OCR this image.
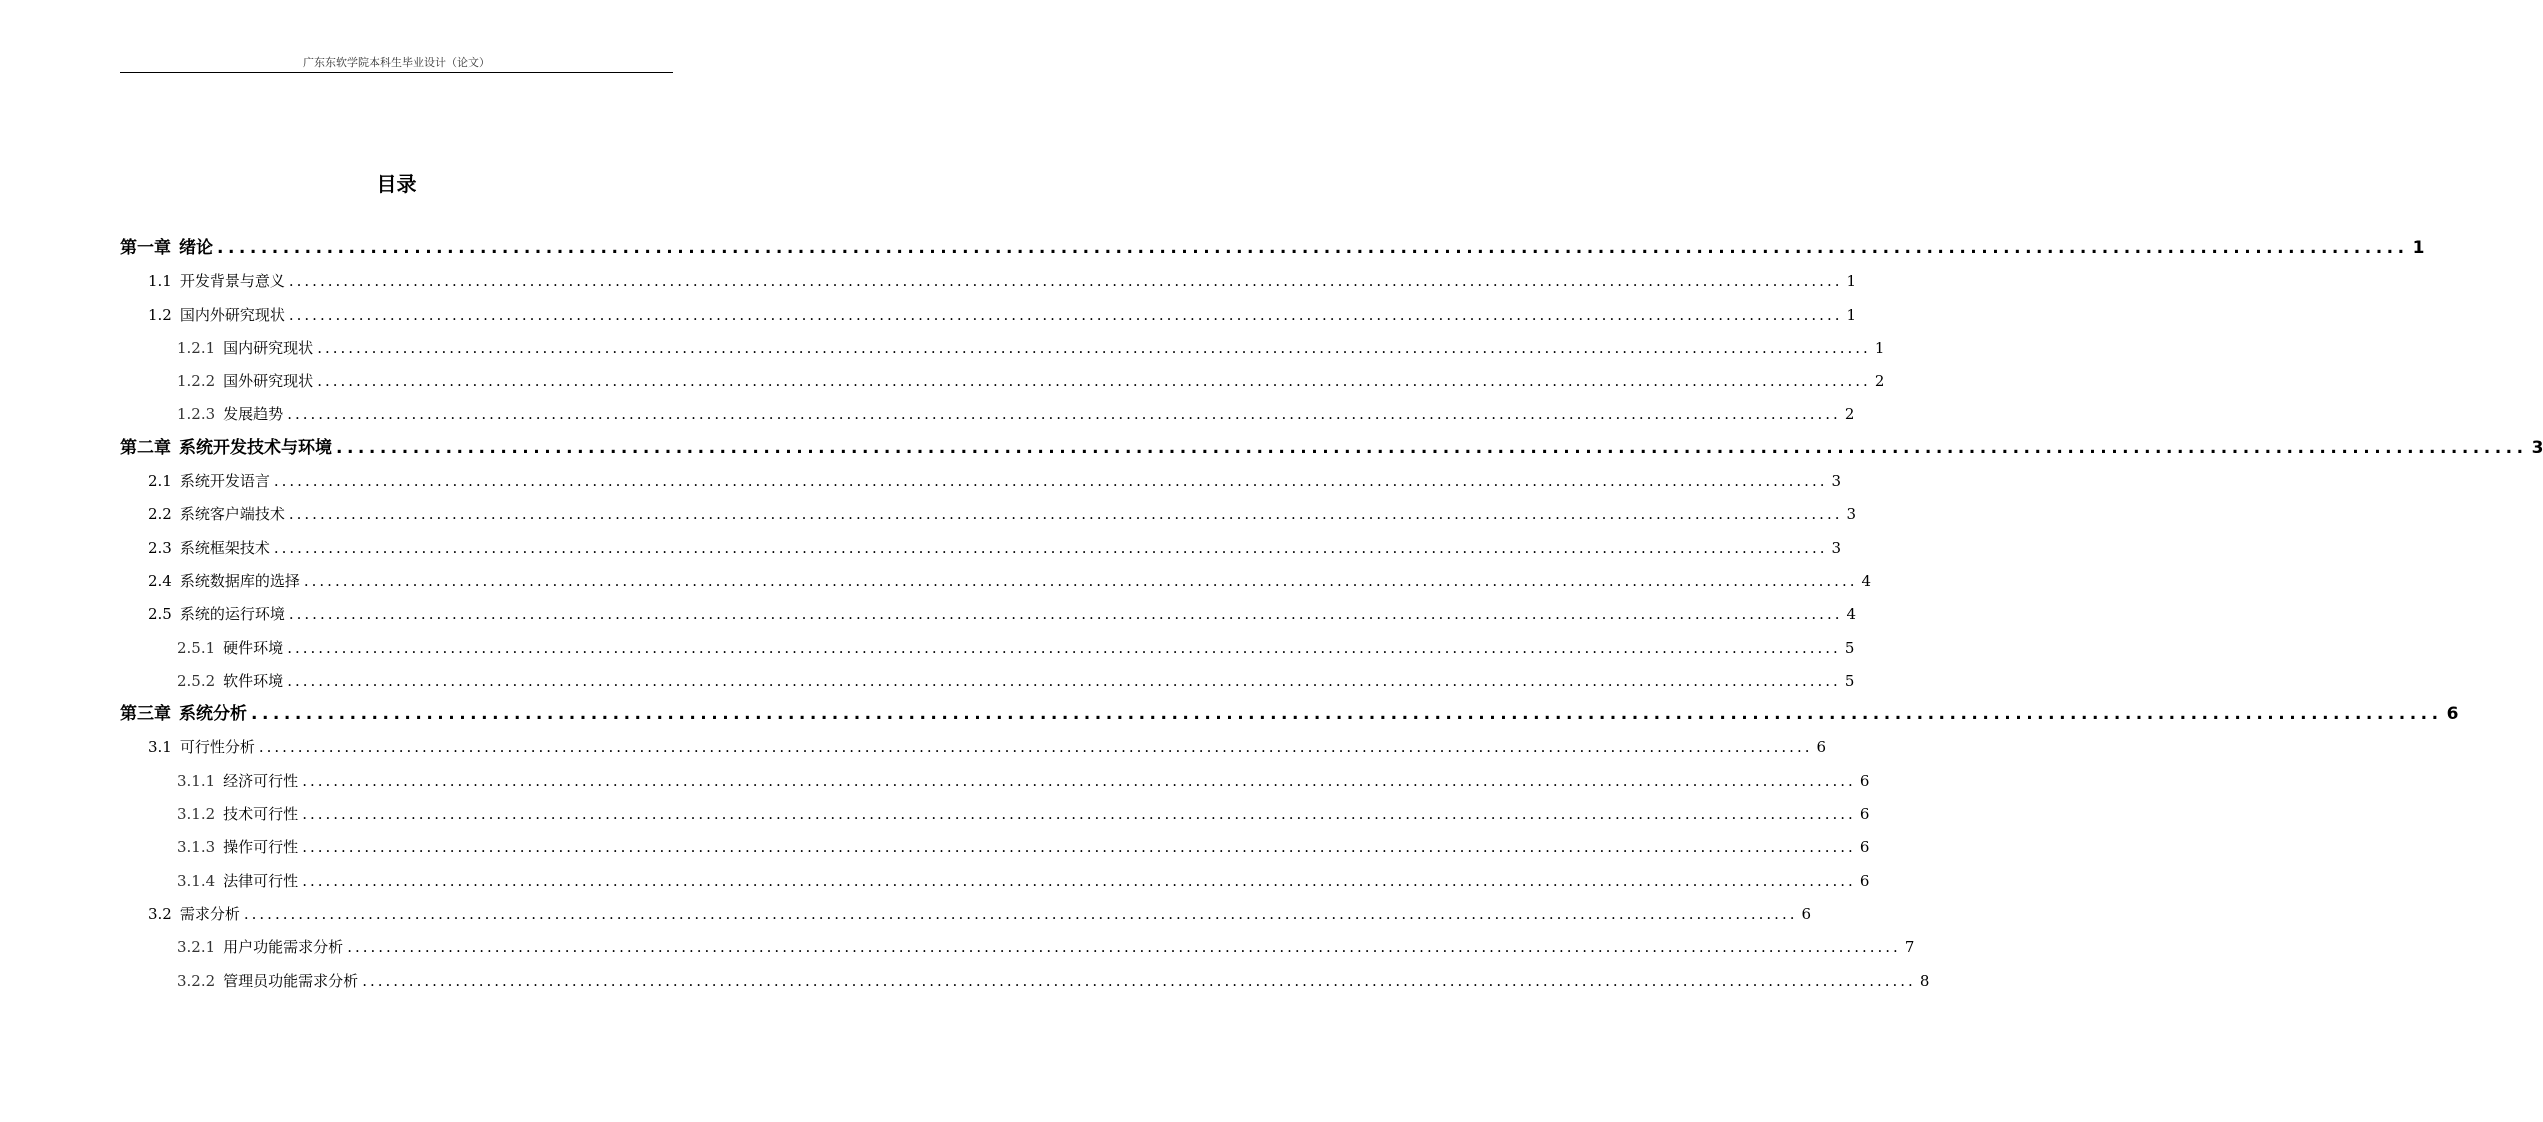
广东东软学院本科生毕业设计（论文）
目录
第一章 绪论 ........................................................................................................................................................................................................ 1
1.1 开发背景与意义 ........................................................................................................................................................................................................ 1
1.2 国内外研究现状 ........................................................................................................................................................................................................ 1
1.2.1 国内研究现状 ........................................................................................................................................................................................................ 1
1.2.2 国外研究现状 ........................................................................................................................................................................................................ 2
1.2.3 发展趋势 ........................................................................................................................................................................................................ 2
第二章 系统开发技术与环境 ........................................................................................................................................................................................................ 3
2.1 系统开发语言 ........................................................................................................................................................................................................ 3
2.2 系统客户端技术 ........................................................................................................................................................................................................ 3
2.3 系统框架技术 ........................................................................................................................................................................................................ 3
2.4 系统数据库的选择 ........................................................................................................................................................................................................ 4
2.5 系统的运行环境 ........................................................................................................................................................................................................ 4
2.5.1 硬件环境 ........................................................................................................................................................................................................ 5
2.5.2 软件环境 ........................................................................................................................................................................................................ 5
第三章 系统分析 ........................................................................................................................................................................................................ 6
3.1 可行性分析 ........................................................................................................................................................................................................ 6
3.1.1 经济可行性 ........................................................................................................................................................................................................ 6
3.1.2 技术可行性 ........................................................................................................................................................................................................ 6
3.1.3 操作可行性 ........................................................................................................................................................................................................ 6
3.1.4 法律可行性 ........................................................................................................................................................................................................ 6
3.2 需求分析 ........................................................................................................................................................................................................ 6
3.2.1 用户功能需求分析 ........................................................................................................................................................................................................ 7
3.2.2 管理员功能需求分析 ........................................................................................................................................................................................................ 8
